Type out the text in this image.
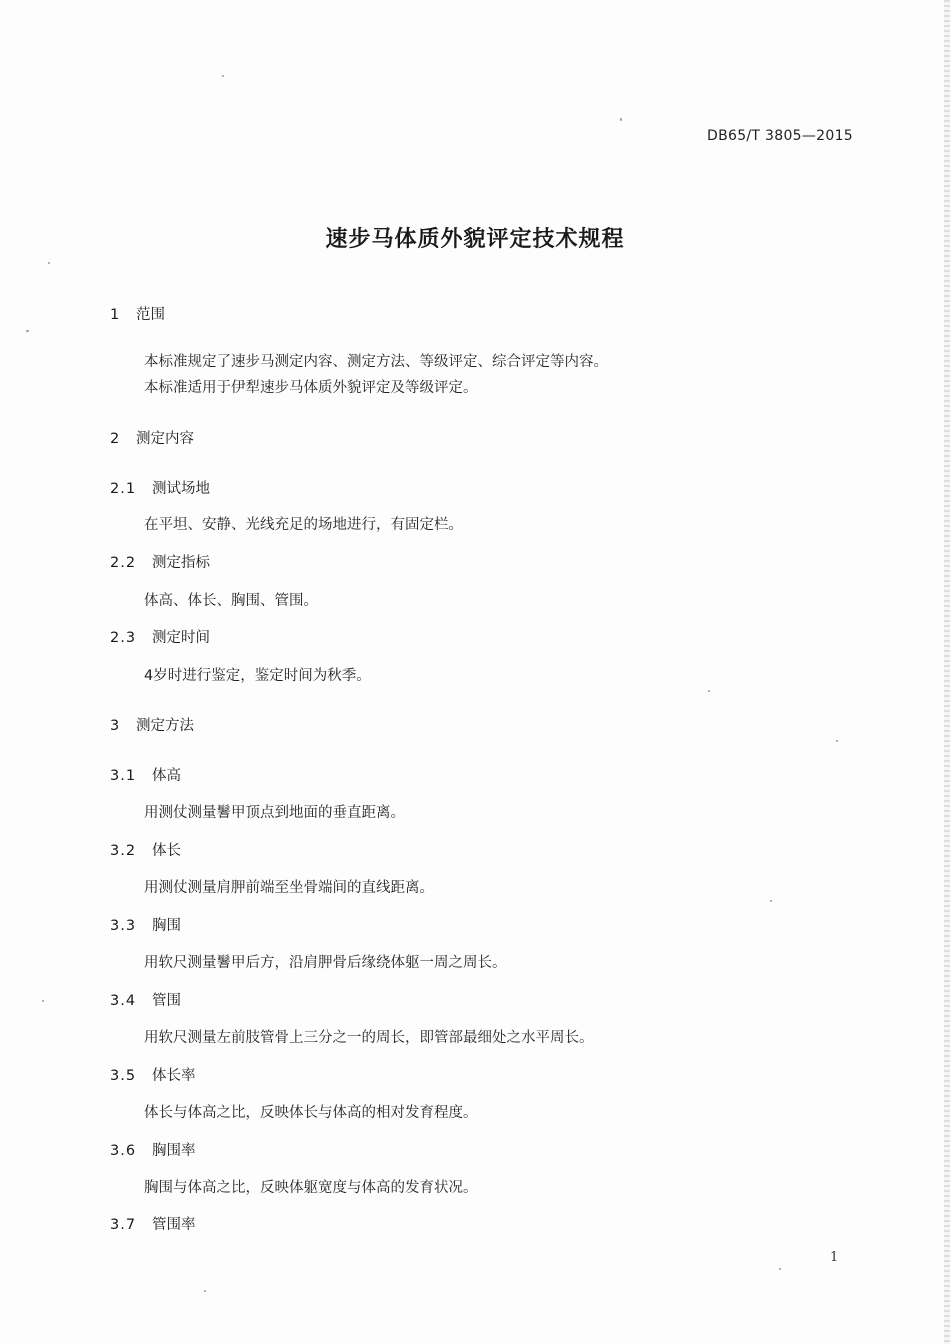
DB65/T 3805—2015
速步马体质外貌评定技术规程
1 范围
本标准规定了速步马测定内容、测定方法、等级评定、综合评定等内容。
本标准适用于伊犁速步马体质外貌评定及等级评定。
2 测定内容
2.1 测试场地
在平坦、安静、光线充足的场地进行，有固定栏。
2.2 测定指标
体高、体长、胸围、管围。
2.3 测定时间
4岁时进行鉴定，鉴定时间为秋季。
3 测定方法
3.1 体高
用测仗测量鬐甲顶点到地面的垂直距离。
3.2 体长
用测仗测量肩胛前端至坐骨端间的直线距离。
3.3 胸围
用软尺测量鬐甲后方，沿肩胛骨后缘绕体躯一周之周长。
3.4 管围
用软尺测量左前肢管骨上三分之一的周长，即管部最细处之水平周长。
3.5 体长率
体长与体高之比，反映体长与体高的相对发育程度。
3.6 胸围率
胸围与体高之比，反映体躯宽度与体高的发育状况。
3.7 管围率
1
